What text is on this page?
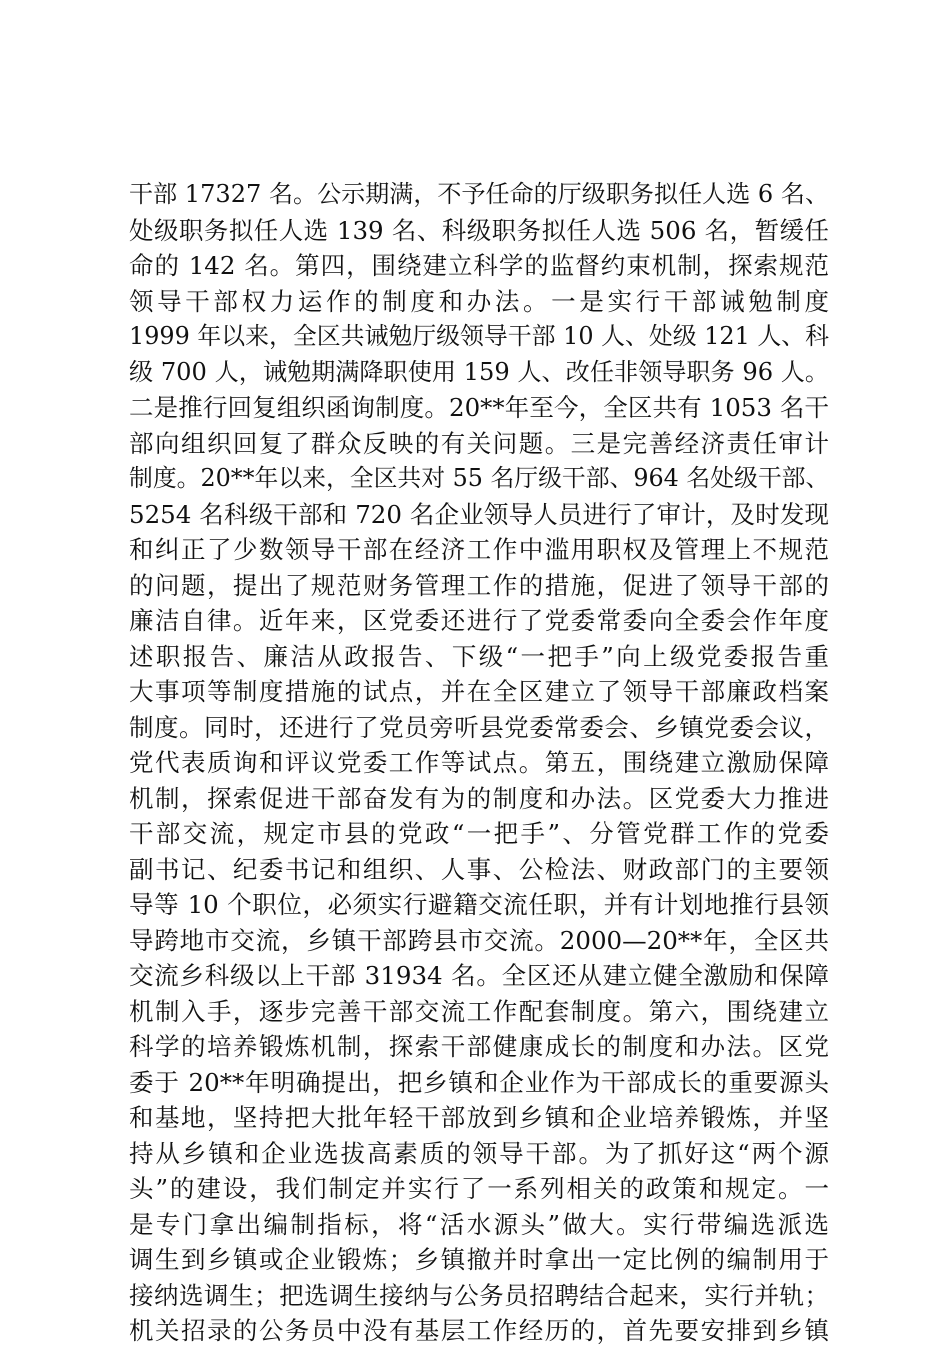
干部 17327 名。公示期满，不予任命的厅级职务拟任人选 6 名、
处级职务拟任人选 139 名、科级职务拟任人选 506 名，暂缓任
命的 142 名。第四，围绕建立科学的监督约束机制，探索规范
领导干部权力运作的制度和办法。一是实行干部诫勉制度
1999 年以来，全区共诫勉厅级领导干部 10 人、处级 121 人、科
级 700 人，诫勉期满降职使用 159 人、改任非领导职务 96 人。
二是推行回复组织函询制度。20**年至今，全区共有 1053 名干
部向组织回复了群众反映的有关问题。三是完善经济责任审计
制度。20**年以来，全区共对 55 名厅级干部、964 名处级干部、
5254 名科级干部和 720 名企业领导人员进行了审计，及时发现
和纠正了少数领导干部在经济工作中滥用职权及管理上不规范
的问题，提出了规范财务管理工作的措施，促进了领导干部的
廉洁自律。近年来，区党委还进行了党委常委向全委会作年度
述职报告、廉洁从政报告、下级“一把手”向上级党委报告重
大事项等制度措施的试点，并在全区建立了领导干部廉政档案
制度。同时，还进行了党员旁听县党委常委会、乡镇党委会议，
党代表质询和评议党委工作等试点。第五，围绕建立激励保障
机制，探索促进干部奋发有为的制度和办法。区党委大力推进
干部交流，规定市县的党政“一把手”、分管党群工作的党委
副书记、纪委书记和组织、人事、公检法、财政部门的主要领
导等 10 个职位，必须实行避籍交流任职，并有计划地推行县领
导跨地市交流，乡镇干部跨县市交流。2000—20**年，全区共
交流乡科级以上干部 31934 名。全区还从建立健全激励和保障
机制入手，逐步完善干部交流工作配套制度。第六，围绕建立
科学的培养锻炼机制，探索干部健康成长的制度和办法。区党
委于 20**年明确提出，把乡镇和企业作为干部成长的重要源头
和基地，坚持把大批年轻干部放到乡镇和企业培养锻炼，并坚
持从乡镇和企业选拔高素质的领导干部。为了抓好这“两个源
头”的建设，我们制定并实行了一系列相关的政策和规定。一
是专门拿出编制指标，将“活水源头”做大。实行带编选派选
调生到乡镇或企业锻炼；乡镇撤并时拿出一定比例的编制用于
接纳选调生；把选调生接纳与公务员招聘结合起来，实行并轨；
机关招录的公务员中没有基层工作经历的，首先要安排到乡镇
